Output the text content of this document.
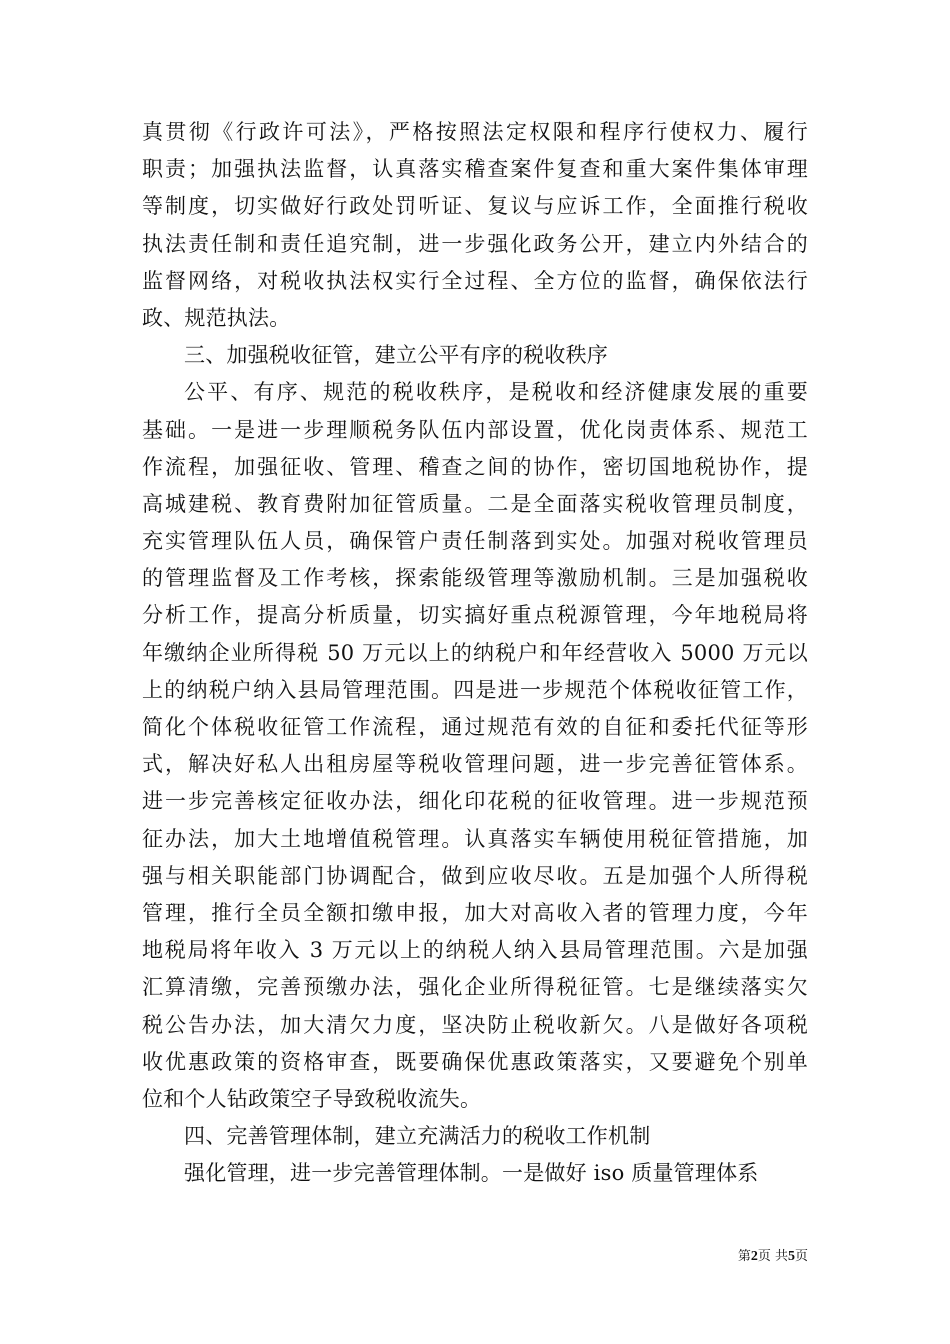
真贯彻《行政许可法》，严格按照法定权限和程序行使权力、履行
职责；加强执法监督，认真落实稽查案件复查和重大案件集体审理
等制度，切实做好行政处罚听证、复议与应诉工作，全面推行税收
执法责任制和责任追究制，进一步强化政务公开，建立内外结合的
监督网络，对税收执法权实行全过程、全方位的监督，确保依法行
政、规范执法。
三、加强税收征管，建立公平有序的税收秩序
公平、有序、规范的税收秩序，是税收和经济健康发展的重要
基础。一是进一步理顺税务队伍内部设置，优化岗责体系、规范工
作流程，加强征收、管理、稽查之间的协作，密切国地税协作，提
高城建税、教育费附加征管质量。二是全面落实税收管理员制度，
充实管理队伍人员，确保管户责任制落到实处。加强对税收管理员
的管理监督及工作考核，探索能级管理等激励机制。三是加强税收
分析工作，提高分析质量，切实搞好重点税源管理，今年地税局将
年缴纳企业所得税 50 万元以上的纳税户和年经营收入 5000 万元以
上的纳税户纳入县局管理范围。四是进一步规范个体税收征管工作，
简化个体税收征管工作流程，通过规范有效的自征和委托代征等形
式，解决好私人出租房屋等税收管理问题，进一步完善征管体系。
进一步完善核定征收办法，细化印花税的征收管理。进一步规范预
征办法，加大土地增值税管理。认真落实车辆使用税征管措施，加
强与相关职能部门协调配合，做到应收尽收。五是加强个人所得税
管理，推行全员全额扣缴申报，加大对高收入者的管理力度，今年
地税局将年收入 3 万元以上的纳税人纳入县局管理范围。六是加强
汇算清缴，完善预缴办法，强化企业所得税征管。七是继续落实欠
税公告办法，加大清欠力度，坚决防止税收新欠。八是做好各项税
收优惠政策的资格审查，既要确保优惠政策落实，又要避免个别单
位和个人钻政策空子导致税收流失。
四、完善管理体制，建立充满活力的税收工作机制
强化管理，进一步完善管理体制。一是做好 iso 质量管理体系
第2页 共5页
